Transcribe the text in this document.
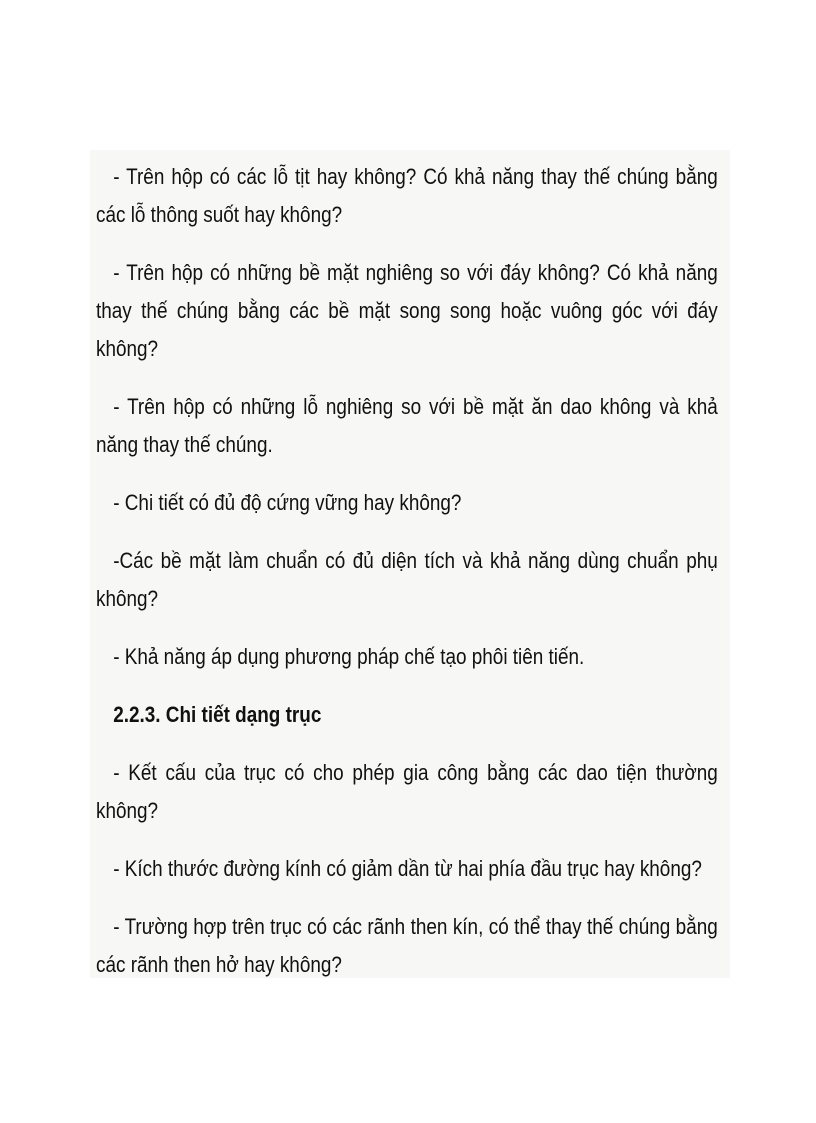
- Trên hộp có các lỗ tịt hay không? Có khả năng thay thế chúng bằng các lỗ thông suốt hay không?

- Trên hộp có những bề mặt nghiêng so với đáy không? Có khả năng thay thế chúng bằng các bề mặt song song hoặc vuông góc với đáy không?

- Trên hộp có những lỗ nghiêng so với bề mặt ăn dao không và khả năng thay thế chúng.

- Chi tiết có đủ độ cứng vững hay không?

-Các bề mặt làm chuẩn có đủ diện tích và khả năng dùng chuẩn phụ không?

- Khả năng áp dụng phương pháp chế tạo phôi tiên tiến.

2.2.3. Chi tiết dạng trục

- Kết cấu của trục có cho phép gia công bằng các dao tiện thường không?

- Kích thước đường kính có giảm dần từ hai phía đầu trục hay không?

- Trường hợp trên trục có các rãnh then kín, có thể thay thế chúng bằng các rãnh then hở hay không?
